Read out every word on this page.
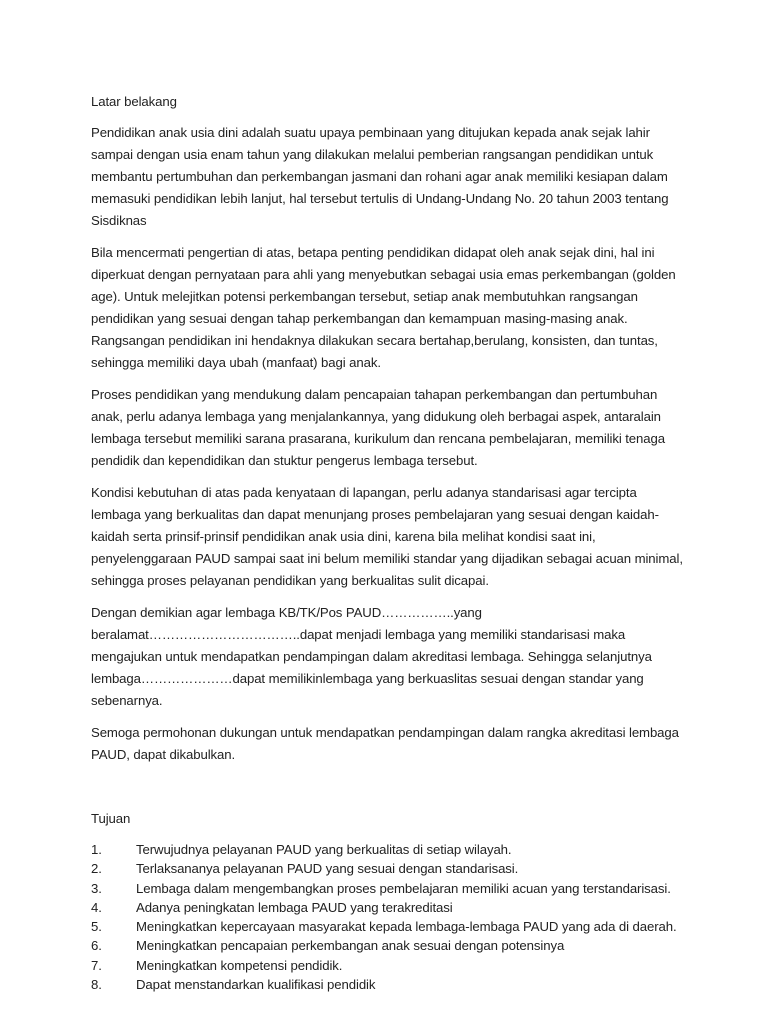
Latar belakang

Pendidikan anak usia dini adalah suatu upaya pembinaan yang ditujukan kepada anak sejak lahir sampai dengan usia enam tahun yang dilakukan melalui pemberian rangsangan pendidikan untuk membantu pertumbuhan dan perkembangan jasmani dan rohani agar anak memiliki kesiapan dalam memasuki pendidikan lebih lanjut, hal tersebut tertulis di Undang-Undang No. 20 tahun 2003 tentang Sisdiknas

Bila mencermati pengertian di atas, betapa penting pendidikan didapat oleh anak sejak dini, hal ini diperkuat dengan pernyataan para ahli yang menyebutkan sebagai usia emas perkembangan (golden age). Untuk melejitkan potensi perkembangan tersebut, setiap anak membutuhkan rangsangan pendidikan yang sesuai dengan tahap perkembangan dan kemampuan masing-masing anak. Rangsangan pendidikan ini hendaknya dilakukan secara bertahap,berulang, konsisten, dan tuntas, sehingga memiliki daya ubah (manfaat) bagi anak.

Proses pendidikan yang mendukung dalam pencapaian tahapan perkembangan dan pertumbuhan anak, perlu adanya lembaga yang menjalankannya, yang didukung oleh berbagai aspek, antaralain lembaga tersebut memiliki sarana prasarana, kurikulum dan rencana pembelajaran, memiliki tenaga pendidik dan kependidikan dan stuktur pengerus lembaga tersebut.

Kondisi kebutuhan di atas pada kenyataan di lapangan, perlu adanya standarisasi agar tercipta lembaga yang berkualitas dan dapat menunjang proses pembelajaran yang sesuai dengan kaidah-kaidah serta prinsif-prinsif pendidikan anak usia dini, karena bila melihat kondisi saat ini, penyelenggaraan PAUD sampai saat ini belum memiliki standar yang dijadikan sebagai acuan minimal, sehingga proses pelayanan pendidikan yang berkualitas sulit dicapai.

Dengan demikian agar lembaga KB/TK/Pos PAUD……………..yang beralamat……………………………..dapat menjadi lembaga yang memiliki standarisasi maka mengajukan untuk mendapatkan pendampingan dalam akreditasi lembaga. Sehingga selanjutnya lembaga…………………dapat memilikinlembaga yang berkuaslitas sesuai dengan standar yang sebenarnya.

Semoga permohonan dukungan untuk mendapatkan pendampingan dalam rangka akreditasi lembaga PAUD, dapat dikabulkan.

Tujuan

1.	Terwujudnya pelayanan PAUD yang berkualitas di setiap wilayah.
2.	Terlaksananya pelayanan PAUD yang sesuai dengan standarisasi.
3.	Lembaga dalam mengembangkan proses pembelajaran memiliki acuan yang terstandarisasi.
4.	Adanya peningkatan lembaga PAUD yang terakreditasi
5.	Meningkatkan kepercayaan masyarakat kepada lembaga-lembaga PAUD yang ada di daerah.
6.	Meningkatkan pencapaian perkembangan anak sesuai dengan potensinya
7.	Meningkatkan kompetensi pendidik.
8.	Dapat menstandarkan kualifikasi pendidik
